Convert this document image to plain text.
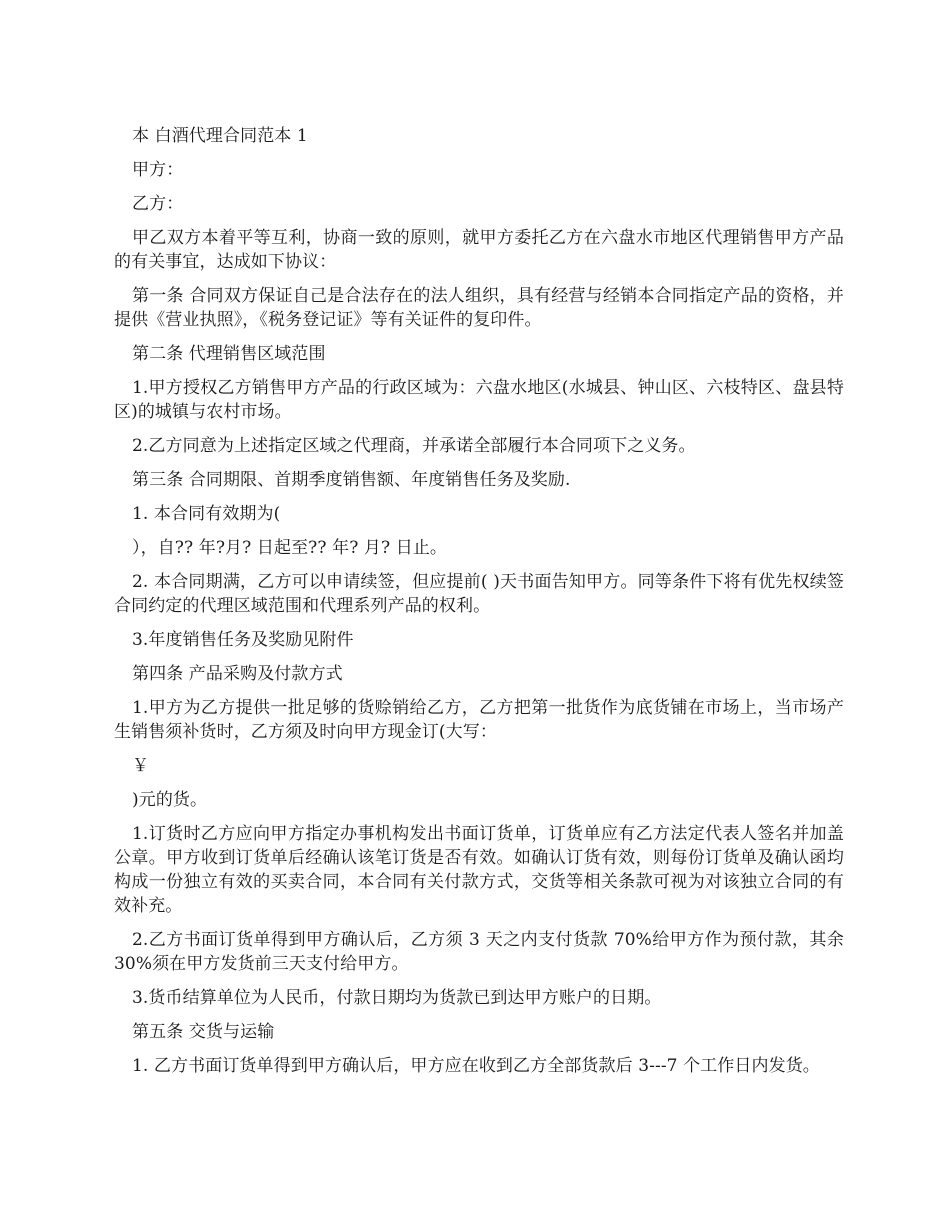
本 白酒代理合同范本 1

甲方：

乙方：

甲乙双方本着平等互利，协商一致的原则，就甲方委托乙方在六盘水市地区代理销售甲方产品的有关事宜，达成如下协议：

第一条 合同双方保证自己是合法存在的法人组织，具有经营与经销本合同指定产品的资格，并提供《营业执照》，《税务登记证》等有关证件的复印件。

第二条 代理销售区域范围

1.甲方授权乙方销售甲方产品的行政区域为：六盘水地区(水城县、钟山区、六枝特区、盘县特区)的城镇与农村市场。

2.乙方同意为上述指定区域之代理商，并承诺全部履行本合同项下之义务。

第三条 合同期限、首期季度销售额、年度销售任务及奖励.

1. 本合同有效期为(

），自?? 年?月? 日起至?? 年? 月? 日止。

2. 本合同期满，乙方可以申请续签，但应提前( )天书面告知甲方。同等条件下将有优先权续签合同约定的代理区域范围和代理系列产品的权利。

3.年度销售任务及奖励见附件

第四条 产品采购及付款方式

1.甲方为乙方提供一批足够的货赊销给乙方，乙方把第一批货作为底货铺在市场上，当市场产生销售须补货时，乙方须及时向甲方现金订(大写：

￥

)元的货。

1.订货时乙方应向甲方指定办事机构发出书面订货单，订货单应有乙方法定代表人签名并加盖公章。甲方收到订货单后经确认该笔订货是否有效。如确认订货有效，则每份订货单及确认函均构成一份独立有效的买卖合同，本合同有关付款方式，交货等相关条款可视为对该独立合同的有效补充。

2.乙方书面订货单得到甲方确认后，乙方须 3 天之内支付货款 70%给甲方作为预付款，其余 30%须在甲方发货前三天支付给甲方。

3.货币结算单位为人民币，付款日期均为货款已到达甲方账户的日期。

第五条 交货与运输

1. 乙方书面订货单得到甲方确认后，甲方应在收到乙方全部货款后 3---7 个工作日内发货。
